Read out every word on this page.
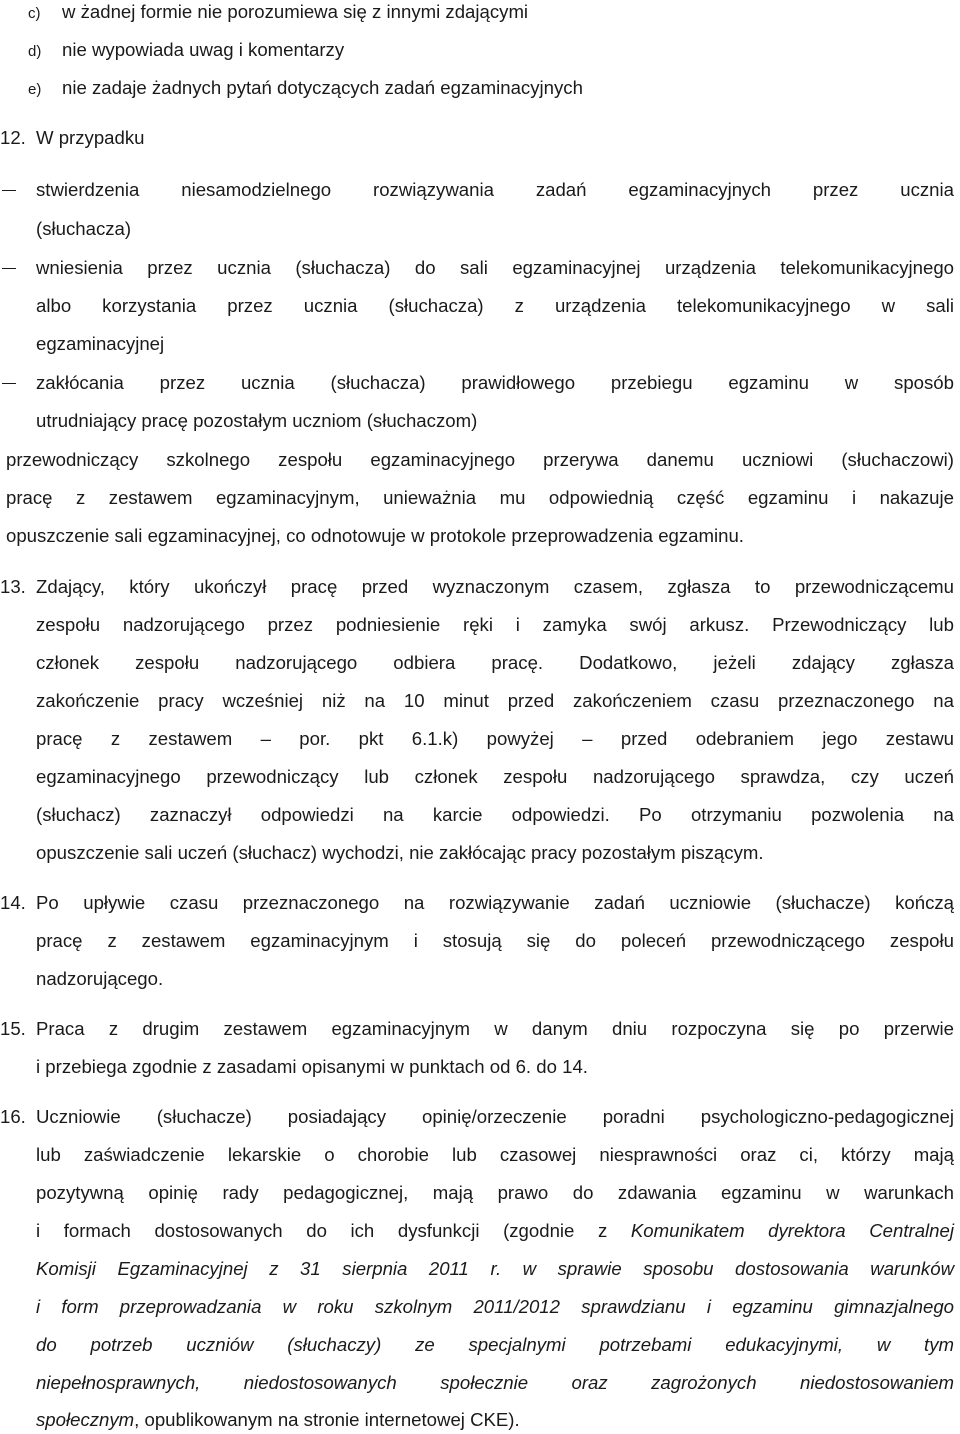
c) w żadnej formie nie porozumiewa się z innymi zdającymi
d) nie wypowiada uwag i komentarzy
e) nie zadaje żadnych pytań dotyczących zadań egzaminacyjnych
12. W przypadku
stwierdzenia niesamodzielnego rozwiązywania zadań egzaminacyjnych przez ucznia
(słuchacza)
wniesienia przez ucznia (słuchacza) do sali egzaminacyjnej urządzenia telekomunikacyjnego
albo korzystania przez ucznia (słuchacza) z urządzenia telekomunikacyjnego w sali
egzaminacyjnej
zakłócania przez ucznia (słuchacza) prawidłowego przebiegu egzaminu w sposób
utrudniający pracę pozostałym uczniom (słuchaczom)
przewodniczący szkolnego zespołu egzaminacyjnego przerywa danemu uczniowi (słuchaczowi)
pracę z zestawem egzaminacyjnym, unieważnia mu odpowiednią część egzaminu i nakazuje
opuszczenie sali egzaminacyjnej, co odnotowuje w protokole przeprowadzenia egzaminu.
13. Zdający, który ukończył pracę przed wyznaczonym czasem, zgłasza to przewodniczącemu
zespołu nadzorującego przez podniesienie ręki i zamyka swój arkusz. Przewodniczący lub
członek zespołu nadzorującego odbiera pracę. Dodatkowo, jeżeli zdający zgłasza
zakończenie pracy wcześniej niż na 10 minut przed zakończeniem czasu przeznaczonego na
pracę z zestawem – por. pkt 6.1.k) powyżej – przed odebraniem jego zestawu
egzaminacyjnego przewodniczący lub członek zespołu nadzorującego sprawdza, czy uczeń
(słuchacz) zaznaczył odpowiedzi na karcie odpowiedzi. Po otrzymaniu pozwolenia na
opuszczenie sali uczeń (słuchacz) wychodzi, nie zakłócając pracy pozostałym piszącym.
14. Po upływie czasu przeznaczonego na rozwiązywanie zadań uczniowie (słuchacze) kończą
pracę z zestawem egzaminacyjnym i stosują się do poleceń przewodniczącego zespołu
nadzorującego.
15. Praca z drugim zestawem egzaminacyjnym w danym dniu rozpoczyna się po przerwie
i przebiega zgodnie z zasadami opisanymi w punktach od 6. do 14.
16. Uczniowie (słuchacze) posiadający opinię/orzeczenie poradni psychologiczno-pedagogicznej
lub zaświadczenie lekarskie o chorobie lub czasowej niesprawności oraz ci, którzy mają
pozytywną opinię rady pedagogicznej, mają prawo do zdawania egzaminu w warunkach
i formach dostosowanych do ich dysfunkcji (zgodnie z Komunikatem dyrektora Centralnej
Komisji Egzaminacyjnej z 31 sierpnia 2011 r. w sprawie sposobu dostosowania warunków
i form przeprowadzania w roku szkolnym 2011/2012 sprawdzianu i egzaminu gimnazjalnego
do potrzeb uczniów (słuchaczy) ze specjalnymi potrzebami edukacyjnymi, w tym
niepełnosprawnych, niedostosowanych społecznie oraz zagrożonych niedostosowaniem
społecznym, opublikowanym na stronie internetowej CKE).
